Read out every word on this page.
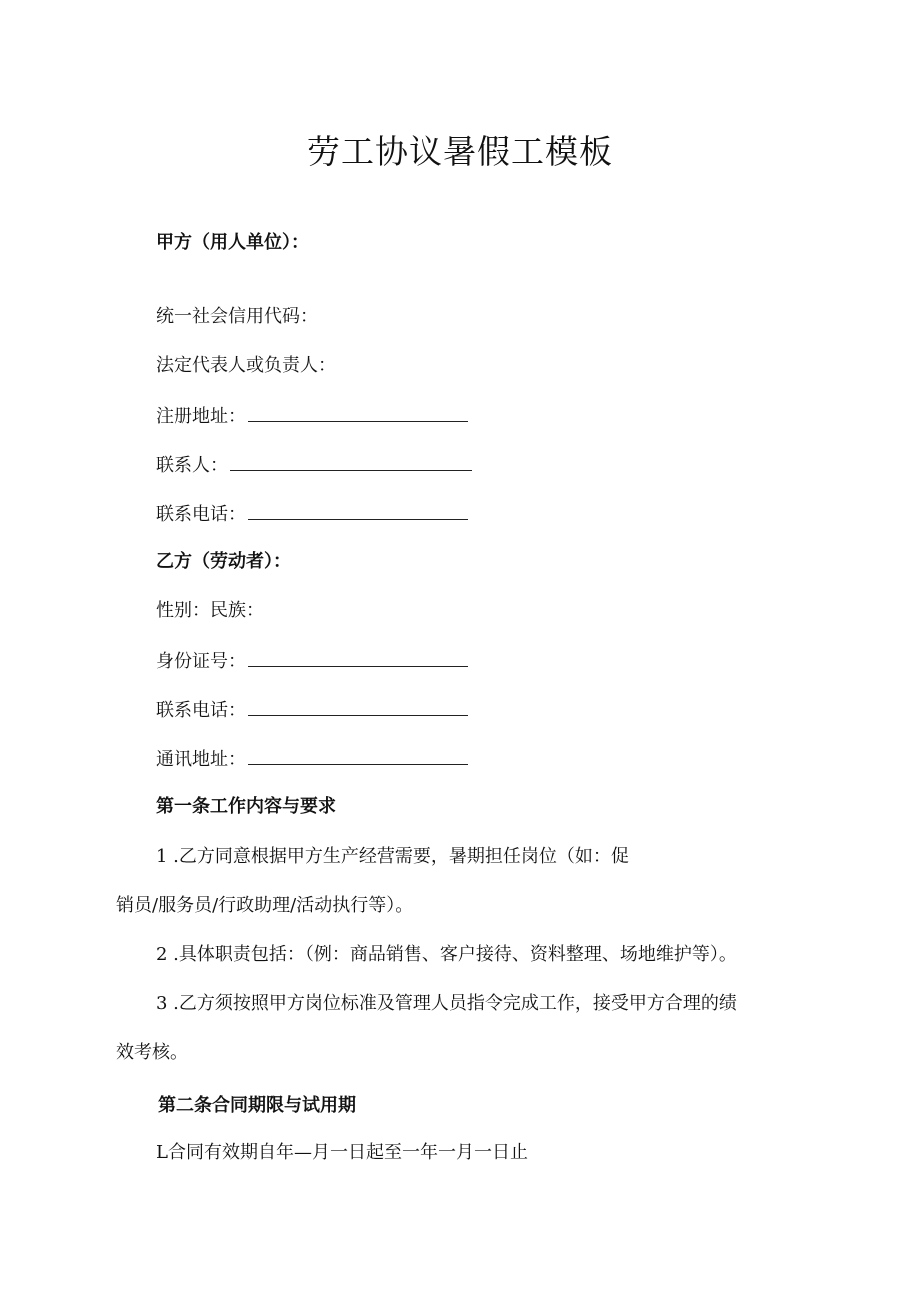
劳工协议暑假工模板
甲方（用人单位）：
统一社会信用代码：
法定代表人或负责人：
注册地址：
联系人：
联系电话：
乙方（劳动者）：
性别：民族：
身份证号：
联系电话：
通讯地址：
第一条工作内容与要求
1 .乙方同意根据甲方生产经营需要，暑期担任岗位（如：促
销员/服务员/行政助理/活动执行等）。
2 .具体职责包括：（例：商品销售、客户接待、资料整理、场地维护等）。
3 .乙方须按照甲方岗位标准及管理人员指令完成工作，接受甲方合理的绩
效考核。
第二条合同期限与试用期
L合同有效期自年—月一日起至一年一月一日止
